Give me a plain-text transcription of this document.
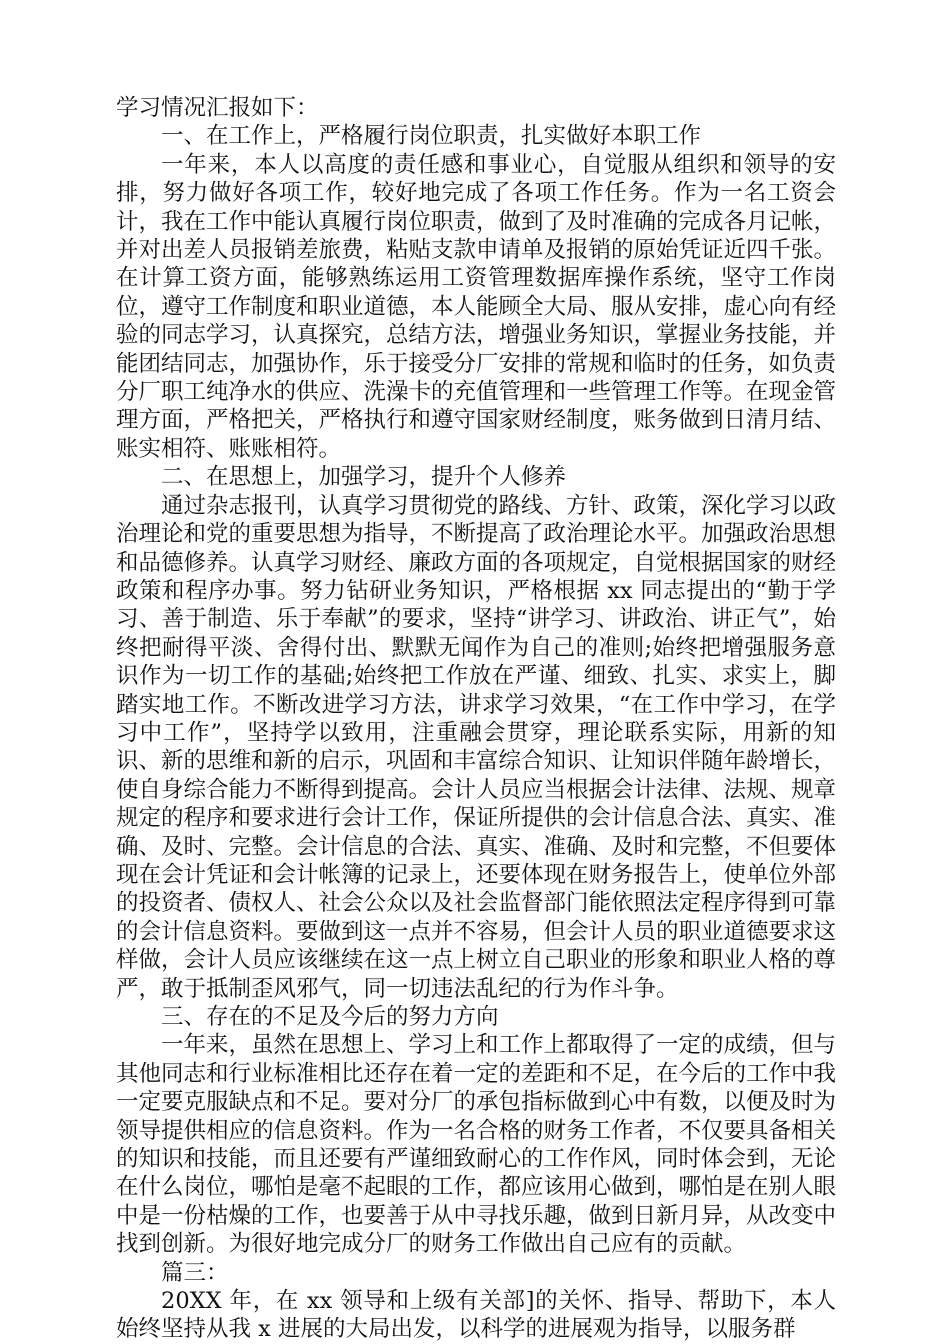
学习情况汇报如下：

一、在工作上，严格履行岗位职责，扎实做好本职工作

一年来，本人以高度的责任感和事业心，自觉服从组织和领导的安排，努力做好各项工作，较好地完成了各项工作任务。作为一名工资会计，我在工作中能认真履行岗位职责，做到了及时准确的完成各月记帐，并对出差人员报销差旅费，粘贴支款申请单及报销的原始凭证近四千张。在计算工资方面，能够熟练运用工资管理数据库操作系统，坚守工作岗位，遵守工作制度和职业道德，本人能顾全大局、服从安排，虚心向有经验的同志学习，认真探究，总结方法，增强业务知识，掌握业务技能，并能团结同志，加强协作，乐于接受分厂安排的常规和临时的任务，如负责分厂职工纯净水的供应、洗澡卡的充值管理和一些管理工作等。在现金管理方面，严格把关，严格执行和遵守国家财经制度，账务做到日清月结、账实相符、账账相符。

二、在思想上，加强学习，提升个人修养

通过杂志报刊，认真学习贯彻党的路线、方针、政策，深化学习以政治理论和党的重要思想为指导，不断提高了政治理论水平。加强政治思想和品德修养。认真学习财经、廉政方面的各项规定，自觉根据国家的财经政策和程序办事。努力钻研业务知识，严格根据 xx 同志提出的“勤于学习、善于制造、乐于奉献”的要求，坚持“讲学习、讲政治、讲正气”，始终把耐得平淡、舍得付出、默默无闻作为自己的准则;始终把增强服务意识作为一切工作的基础;始终把工作放在严谨、细致、扎实、求实上，脚踏实地工作。不断改进学习方法，讲求学习效果，“在工作中学习，在学习中工作”，坚持学以致用，注重融会贯穿，理论联系实际，用新的知识、新的思维和新的启示，巩固和丰富综合知识、让知识伴随年龄增长，使自身综合能力不断得到提高。会计人员应当根据会计法律、法规、规章规定的程序和要求进行会计工作，保证所提供的会计信息合法、真实、准确、及时、完整。会计信息的合法、真实、准确、及时和完整，不但要体现在会计凭证和会计帐簿的记录上，还要体现在财务报告上，使单位外部的投资者、债权人、社会公众以及社会监督部门能依照法定程序得到可靠的会计信息资料。要做到这一点并不容易，但会计人员的职业道德要求这样做，会计人员应该继续在这一点上树立自己职业的形象和职业人格的尊严，敢于抵制歪风邪气，同一切违法乱纪的行为作斗争。

三、存在的不足及今后的努力方向

一年来，虽然在思想上、学习上和工作上都取得了一定的成绩，但与其他同志和行业标准相比还存在着一定的差距和不足，在今后的工作中我一定要克服缺点和不足。要对分厂的承包指标做到心中有数，以便及时为领导提供相应的信息资料。作为一名合格的财务工作者，不仅要具备相关的知识和技能，而且还要有严谨细致耐心的工作作风，同时体会到，无论在什么岗位，哪怕是毫不起眼的工作，都应该用心做到，哪怕是在别人眼中是一份枯燥的工作，也要善于从中寻找乐趣，做到日新月异，从改变中找到创新。为很好地完成分厂的财务工作做出自己应有的贡献。

篇三：

20XX 年，在 xx 领导和上级有关部]的关怀、指导、帮助下，本人始终坚持从我 x 进展的大局出发，以科学的进展观为指导，以服务群
